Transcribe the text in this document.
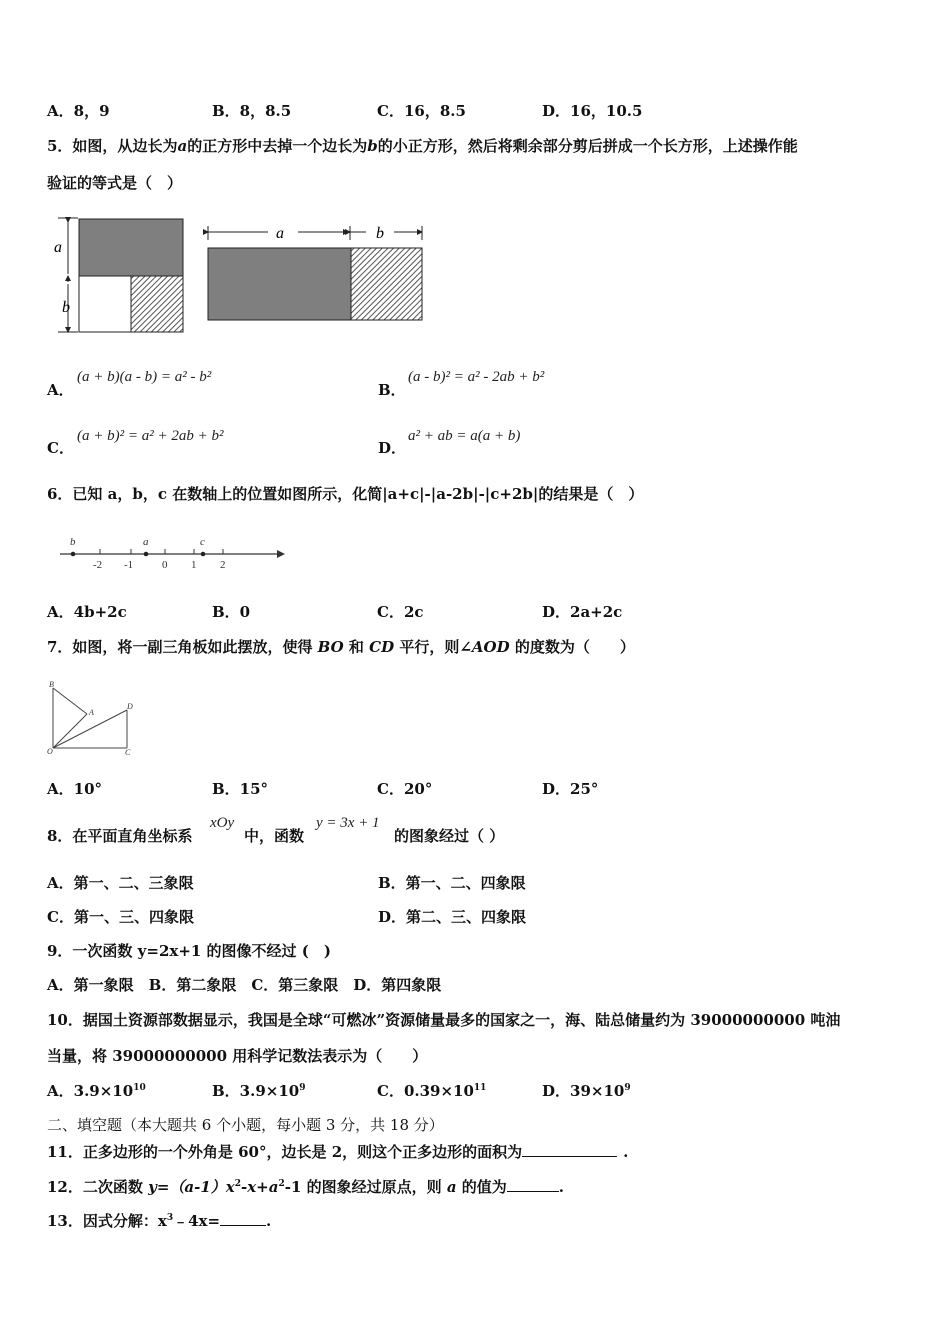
A．8，9	B．8，8.5	C．16，8.5	D．16，10.5
5．如图，从边长为a的正方形中去掉一个边长为b的小正方形，然后将剩余部分剪后拼成一个长方形，上述操作能
验证的等式是（　）
a
b
a	b
A．
(a + b)(a - b) = a² - b²
B．
(a - b)² = a² - 2ab + b²
C．
(a + b)² = a² + 2ab + b²
D．
a² + ab = a(a + b)
6．已知 a，b，c 在数轴上的位置如图所示，化简|a+c|-|a-2b|-|c+2b|的结果是（　）
b	a	c
-2 -1	0 1 2
A．4b+2c	B．0	C．2c	D．2a+2c
7．如图，将一副三角板如此摆放，使得 BO 和 CD 平行，则∠AOD 的度数为（　　）
B
A
D
O	C
A．10°	B．15°	C．20°	D．25°
8．在平面直角坐标系
xOy
中，函数
y = 3x + 1
的图象经过（ ）
A．第一、二、三象限	B．第一、二、四象限
C．第一、三、四象限	D．第二、三、四象限
9．一次函数 y=2x+1 的图像不经过 (　)
A．第一象限　B．第二象限　C．第三象限　D．第四象限
10．据国土资源部数据显示，我国是全球“可燃冰”资源储量最多的国家之一，海、陆总储量约为 39000000000 吨油
当量，将 39000000000 用科学记数法表示为（　　）
A．$3.9\times 10^{10}$	B．$3.9\times 10^9$	C．$0.39\times 10^{11}$	D．$39\times 10^9$
二、填空题（本大题共 6 个小题，每小题 3 分，共 18 分）
11．正多边形的一个外角是 60°，边长是 2，则这个正多边形的面积为	.
12．二次函数 $y=(a-1)x^2-x+a^2-1$ 的图象经过原点，则 a 的值为	.
13．因式分解：$x^3﹣4x=$	.
